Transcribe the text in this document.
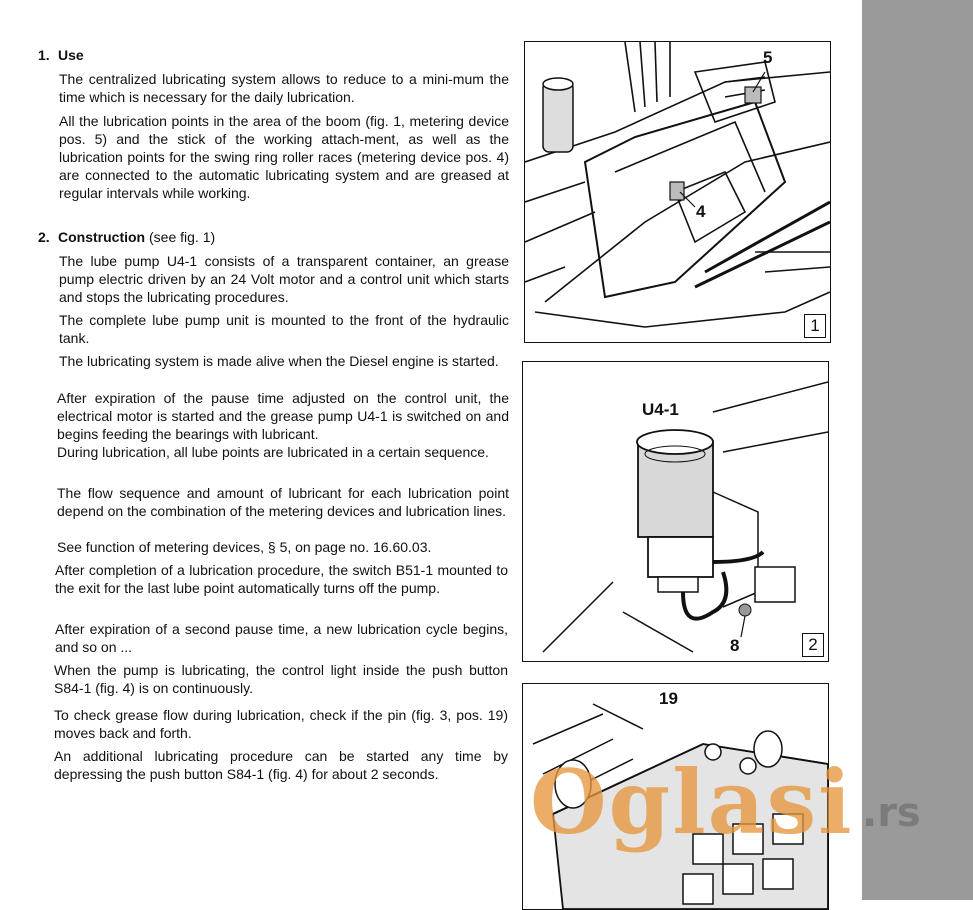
1. Use
The centralized lubricating system allows to reduce to a mini-mum the time which is necessary for the daily lubrication.
All the lubrication points in the area of the boom (fig. 1, metering device pos. 5) and the stick of the working attach-ment, as well as the lubrication points for the swing ring roller races (metering device pos. 4) are connected to the automatic lubricating system and are greased at regular intervals while working.
2. Construction (see fig. 1)
The lube pump U4-1 consists of a transparent container, an grease pump electric driven by an 24 Volt motor and a control unit which starts and stops the lubricating procedures.
The complete lube pump unit is mounted to the front of the hydraulic tank.
The lubricating system is made alive when the Diesel engine is started.
After expiration of the pause time adjusted on the control unit, the electrical motor is started and the grease pump U4-1 is switched on and begins feeding the bearings with lubricant.
During lubrication, all lube points are lubricated in a certain sequence.
The flow sequence and amount of lubricant for each lubrication point depend on the combination of the metering devices and lubrication lines.
See function of metering devices, § 5, on page no. 16.60.03.
After completion of a lubrication procedure, the switch B51-1 mounted to the exit for the last lube point automatically turns off the pump.
After expiration of a second pause time, a new lubrication cycle begins, and so on ...
When the pump is lubricating, the control light inside the push button S84-1 (fig. 4) is on continuously.
To check grease flow during lubrication, check if the pin (fig. 3, pos. 19) moves back and forth.
An additional lubricating procedure can be started any time by depressing the push button S84-1 (fig. 4) for about 2 seconds.
5
4
1
U4-1
8	2
19
Oglasi .rs
